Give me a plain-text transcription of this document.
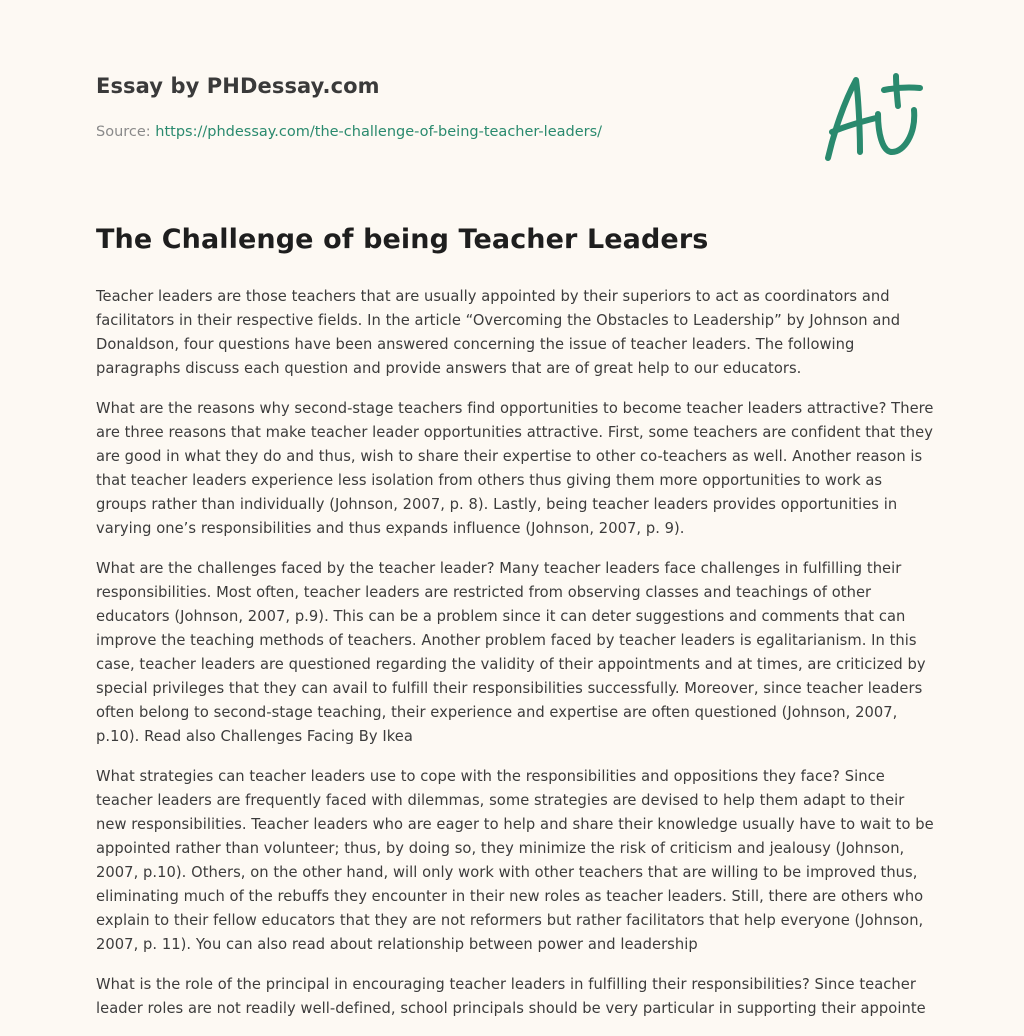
Essay by PHDessay.com
Source: https://phdessay.com/the-challenge-of-being-teacher-leaders/
The Challenge of being Teacher Leaders

Teacher leaders are those teachers that are usually appointed by their superiors to act as coordinators and facilitators in their respective fields. In the article “Overcoming the Obstacles to Leadership” by Johnson and Donaldson, four questions have been answered concerning the issue of teacher leaders. The following paragraphs discuss each question and provide answers that are of great help to our educators.

What are the reasons why second-stage teachers find opportunities to become teacher leaders attractive? There are three reasons that make teacher leader opportunities attractive. First, some teachers are confident that they are good in what they do and thus, wish to share their expertise to other co-teachers as well. Another reason is that teacher leaders experience less isolation from others thus giving them more opportunities to work as groups rather than individually (Johnson, 2007, p. 8). Lastly, being teacher leaders provides opportunities in varying one’s responsibilities and thus expands influence (Johnson, 2007, p. 9).

What are the challenges faced by the teacher leader? Many teacher leaders face challenges in fulfilling their responsibilities. Most often, teacher leaders are restricted from observing classes and teachings of other educators (Johnson, 2007, p.9). This can be a problem since it can deter suggestions and comments that can improve the teaching methods of teachers. Another problem faced by teacher leaders is egalitarianism. In this case, teacher leaders are questioned regarding the validity of their appointments and at times, are criticized by special privileges that they can avail to fulfill their responsibilities successfully. Moreover, since teacher leaders often belong to second-stage teaching, their experience and expertise are often questioned (Johnson, 2007, p.10). Read also Challenges Facing By Ikea

What strategies can teacher leaders use to cope with the responsibilities and oppositions they face? Since teacher leaders are frequently faced with dilemmas, some strategies are devised to help them adapt to their new responsibilities. Teacher leaders who are eager to help and share their knowledge usually have to wait to be appointed rather than volunteer; thus, by doing so, they minimize the risk of criticism and jealousy (Johnson, 2007, p.10). Others, on the other hand, will only work with other teachers that are willing to be improved thus, eliminating much of the rebuffs they encounter in their new roles as teacher leaders. Still, there are others who explain to their fellow educators that they are not reformers but rather facilitators that help everyone (Johnson, 2007, p. 11). You can also read about relationship between power and leadership

What is the role of the principal in encouraging teacher leaders in fulfilling their responsibilities? Since teacher leader roles are not readily well-defined, school principals should be very particular in supporting their appointe
